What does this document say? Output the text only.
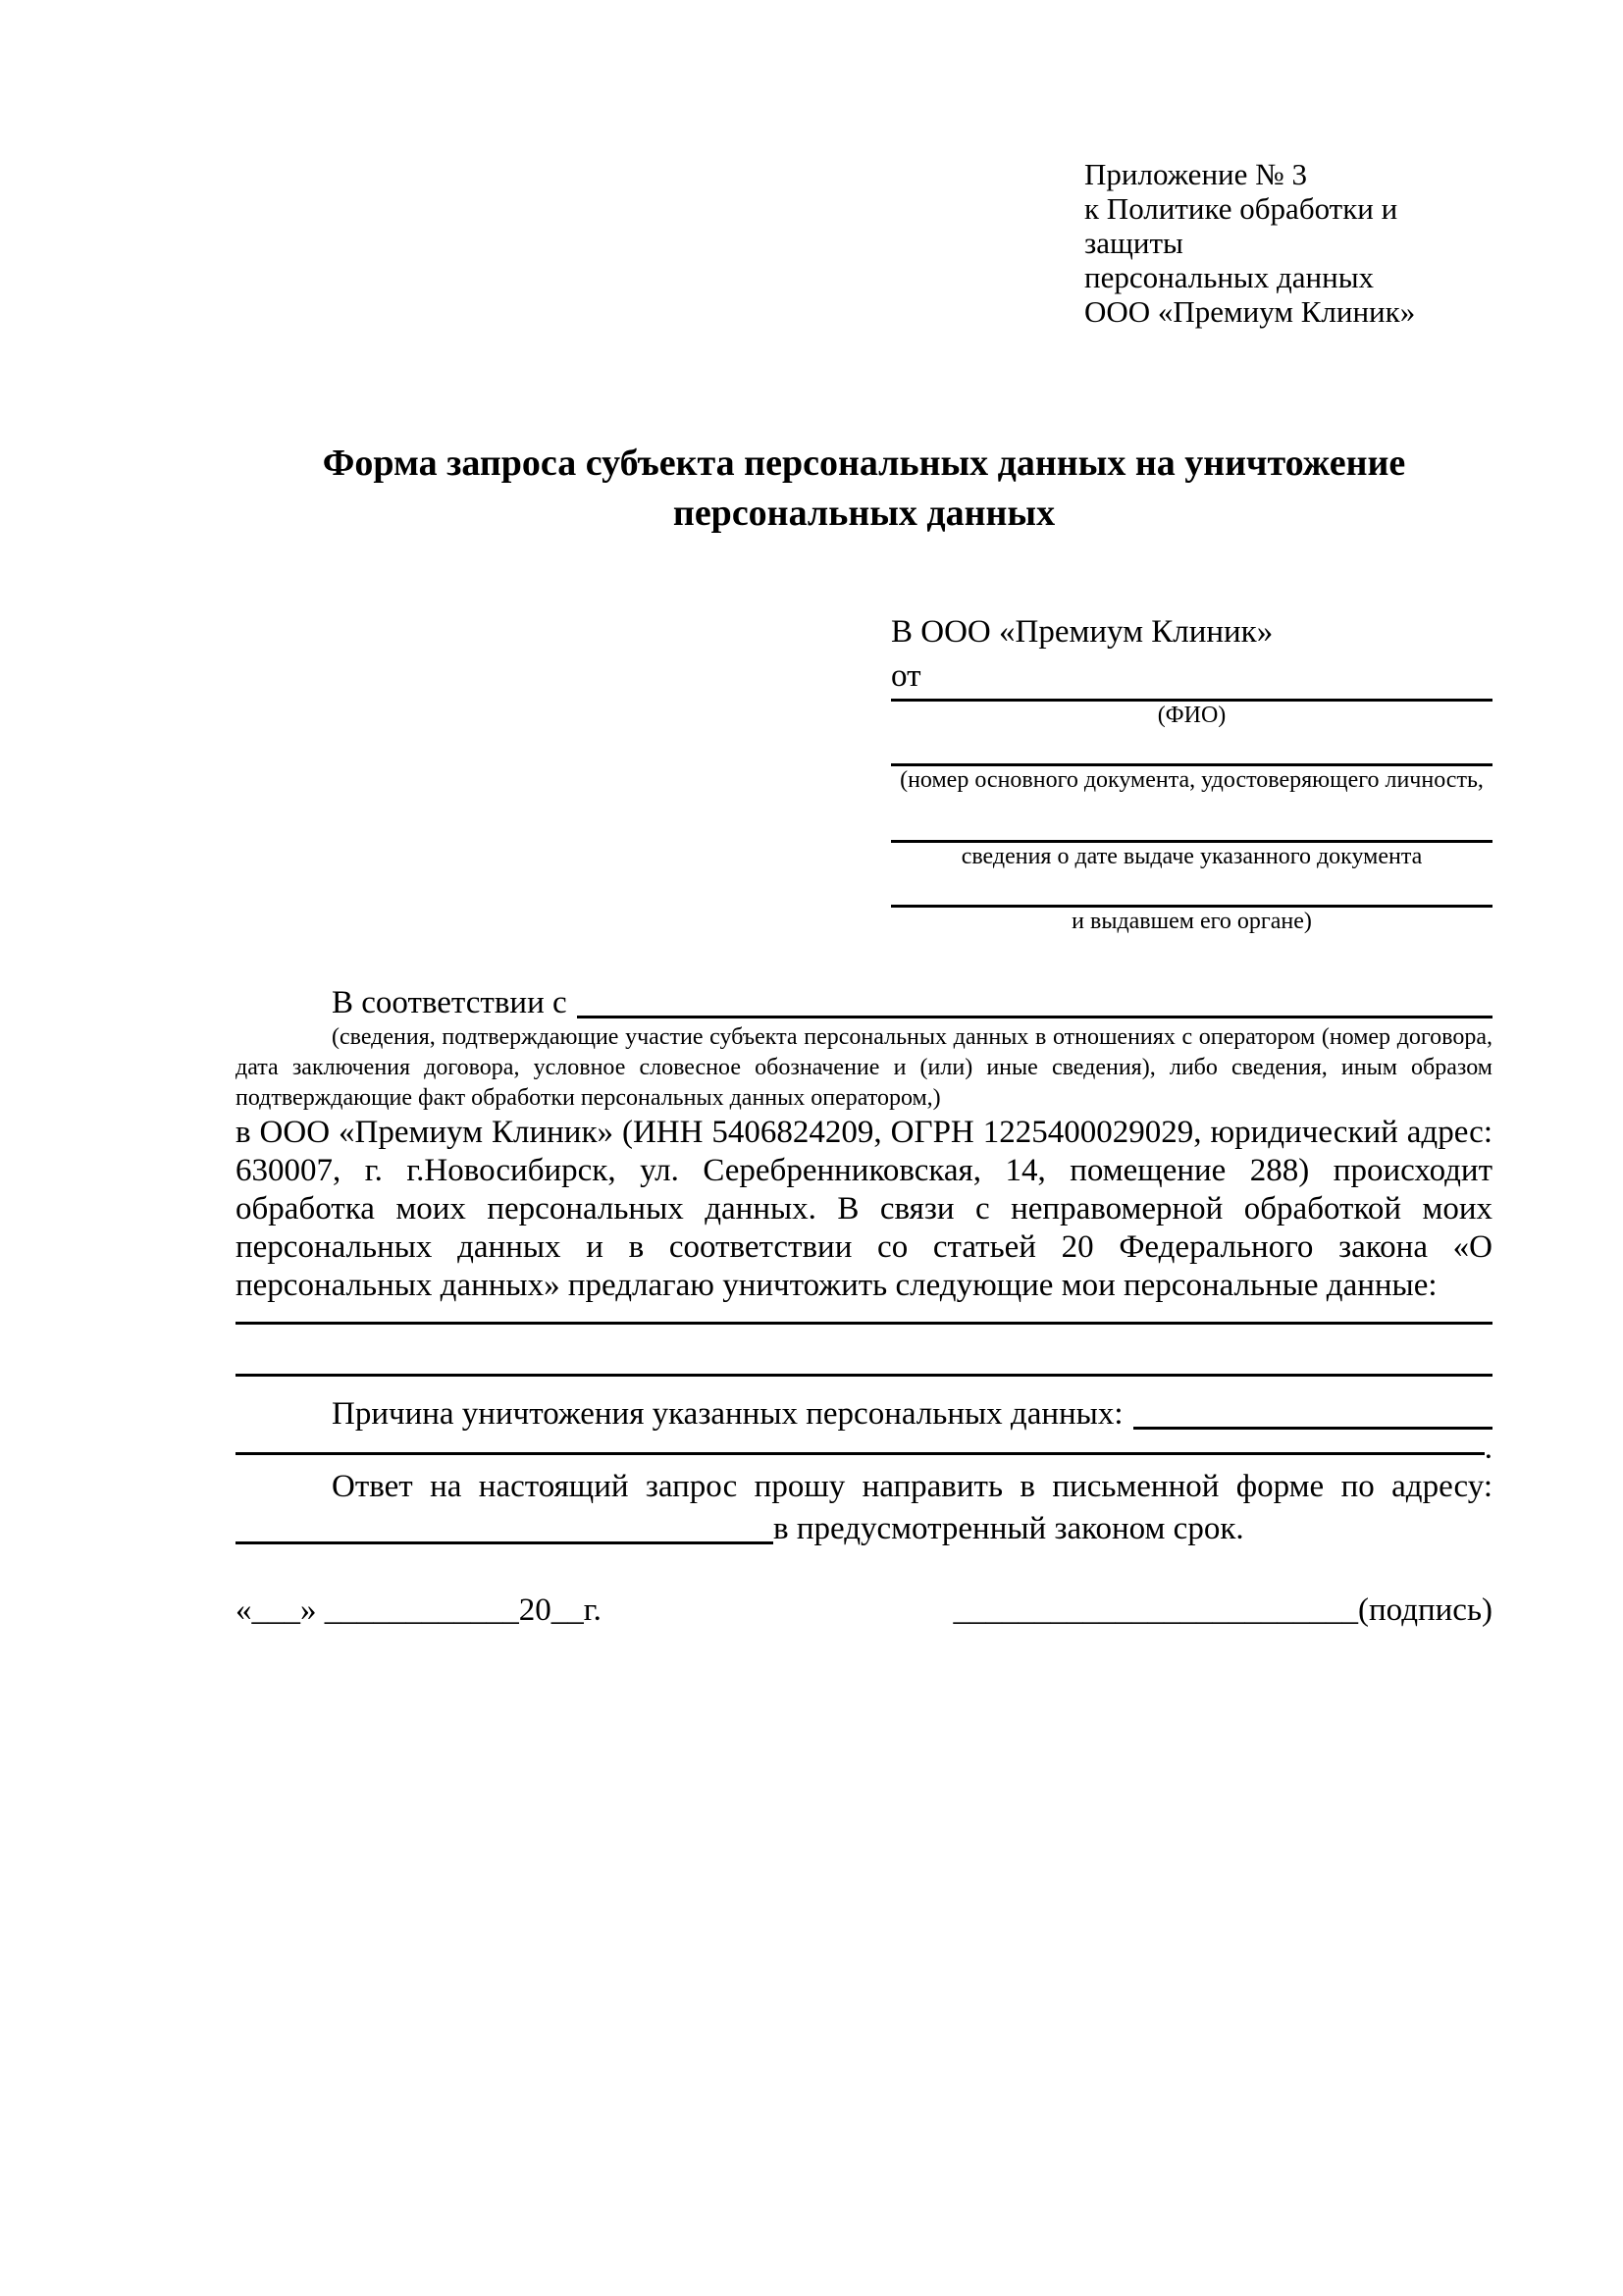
Приложение № 3
к Политике обработки и защиты
персональных данных
ООО «Премиум Клиник»
Форма запроса субъекта персональных данных на уничтожение
персональных данных
В ООО «Премиум Клиник»
от
(ФИО)
(номер основного документа, удостоверяющего личность,
сведения о дате выдаче указанного документа
и выдавшем его органе)
В соответствии с

(сведения, подтверждающие участие субъекта персональных данных в отношениях с оператором (номер договора, дата заключения договора, условное словесное обозначение и (или) иные сведения), либо сведения, иным образом подтверждающие факт обработки персональных данных оператором,)

в ООО «Премиум Клиник» (ИНН 5406824209, ОГРН 1225400029029, юридический адрес: 630007, г. г.Новосибирск, ул. Серебренниковская, 14, помещение 288) происходит обработка моих персональных данных. В связи с неправомерной обработкой моих персональных данных и в соответствии со статьей 20 Федерального закона «О персональных данных» предлагаю уничтожить следующие мои персональные данные:

Причина уничтожения указанных персональных данных:
.

Ответ на настоящий запрос прошу направить в письменной форме по адресу:

в предусмотренный законом срок.
«___» ____________20__г.	_________________________(подпись)
